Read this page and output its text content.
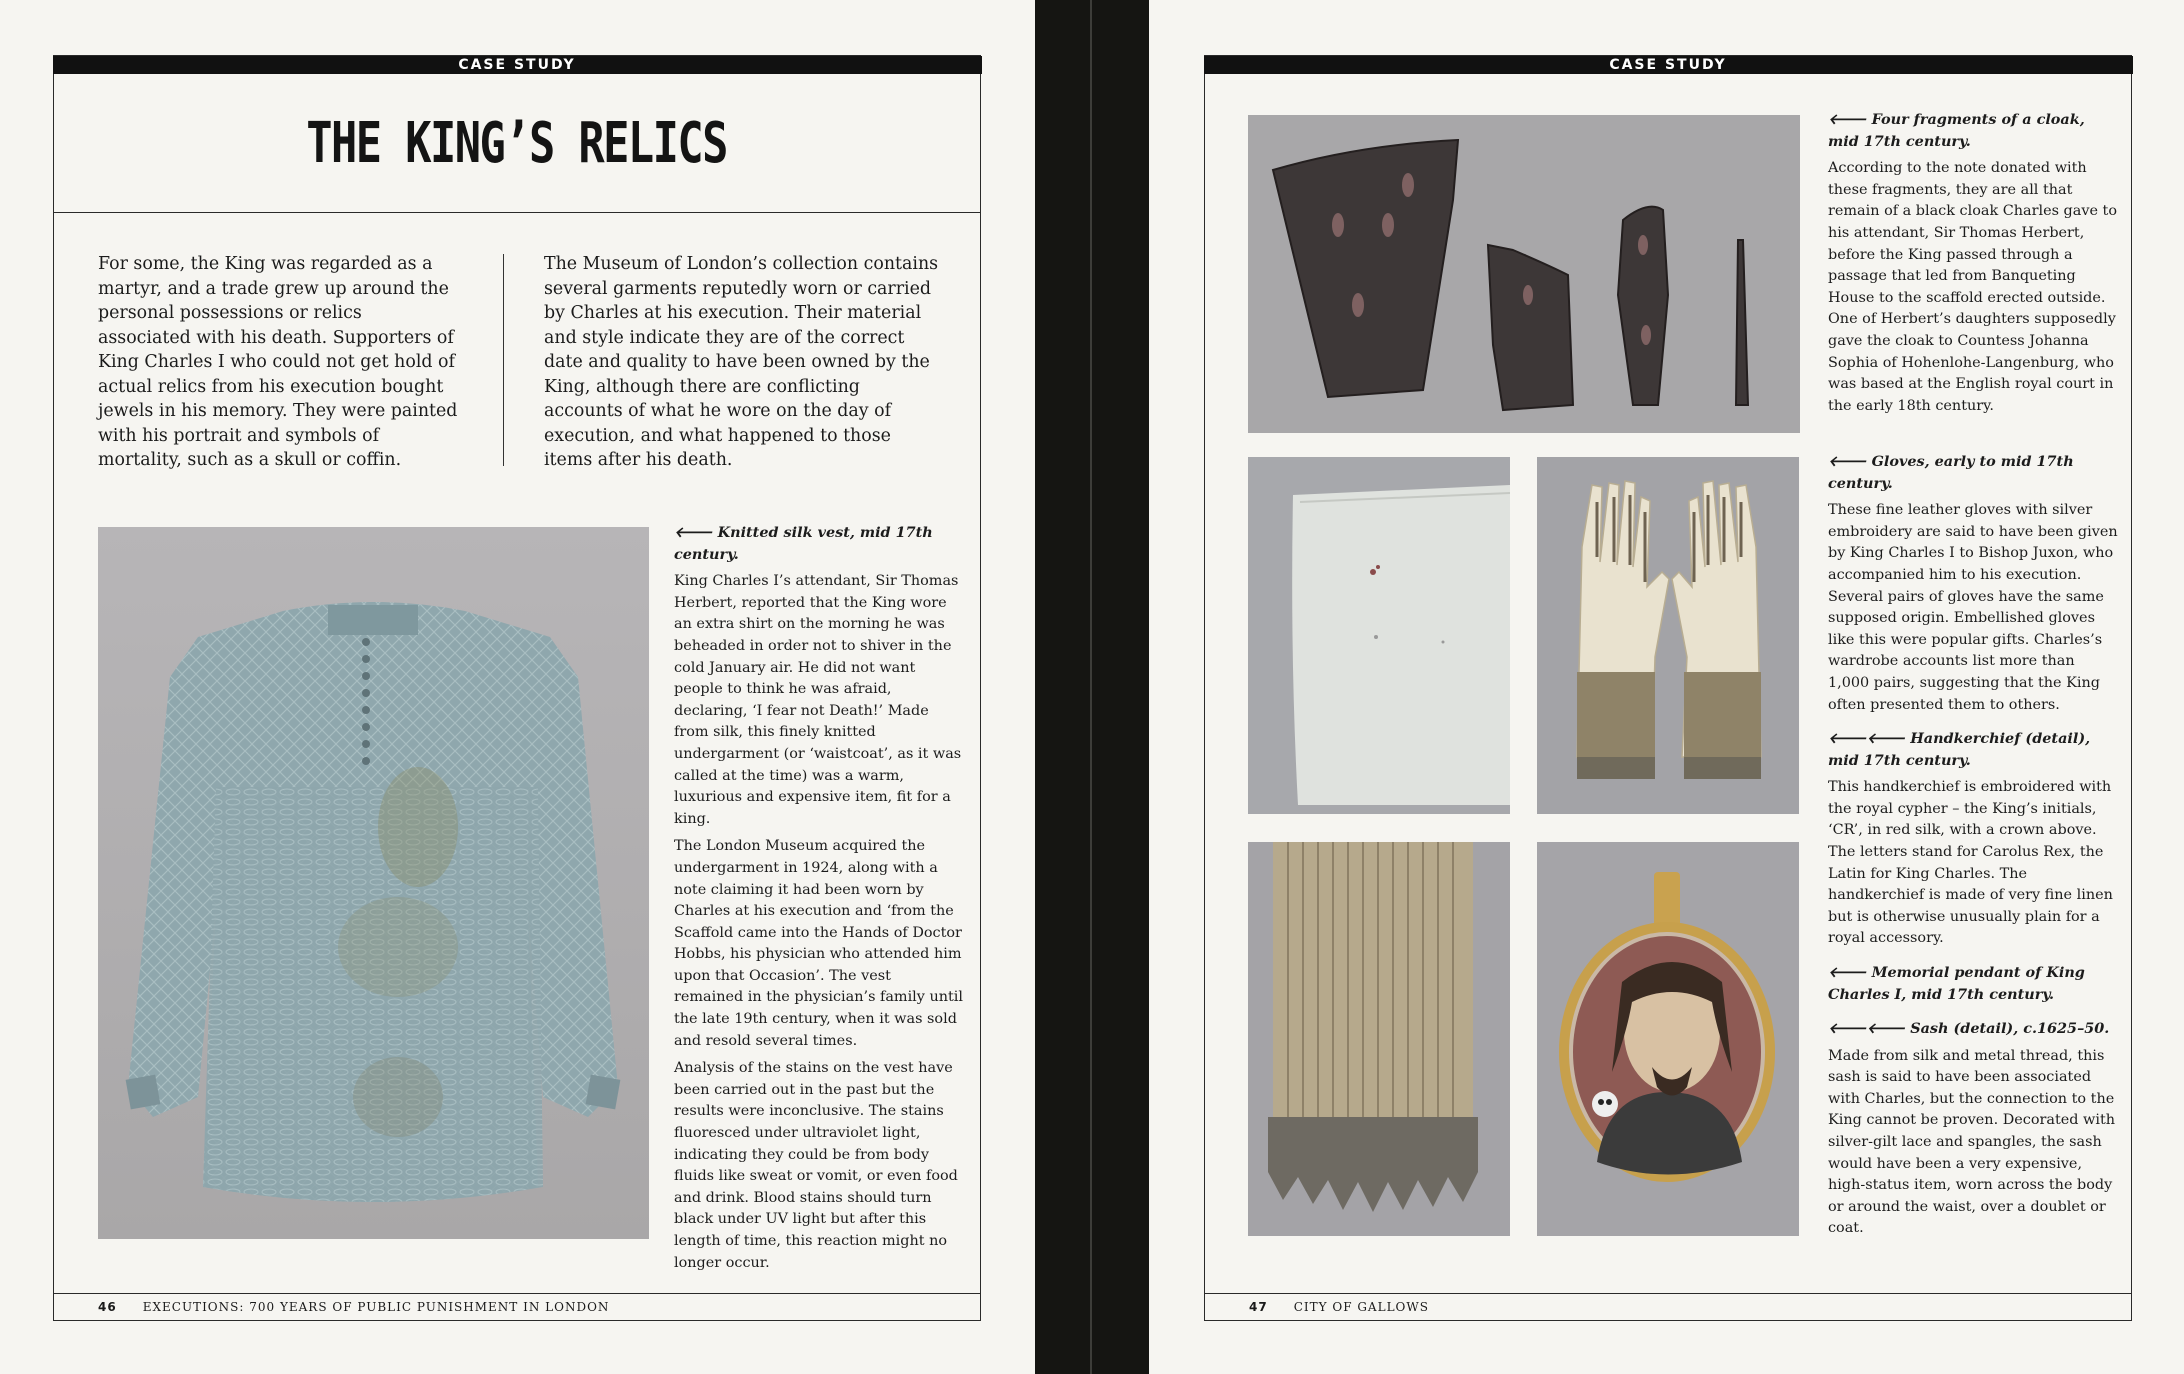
CASE STUDY
THE KING’S RELICS
For some, the King was regarded as a martyr, and a trade grew up around the personal possessions or relics associated with his death. Supporters of King Charles I who could not get hold of actual relics from his execution bought jewels in his memory. They were painted with his portrait and symbols of mortality, such as a skull or coffin.
The Museum of London’s collection contains several garments reputedly worn or carried by Charles at his execution. Their material and style indicate they are of the correct date and quality to have been owned by the King, although there are conflicting accounts of what he wore on the day of execution, and what happened to those items after his death.

🡐 Knitted silk vest, mid 17th century.

King Charles I’s attendant, Sir Thomas Herbert, reported that the King wore an extra shirt on the morning he was beheaded in order not to shiver in the cold January air. He did not want people to think he was afraid, declaring, ‘I fear not Death!’ Made from silk, this finely knitted undergarment (or ‘waistcoat’, as it was called at the time) was a warm, luxurious and expensive item, fit for a king.

The London Museum acquired the undergarment in 1924, along with a note claiming it had been worn by Charles at his execution and ‘from the Scaffold came into the Hands of Doctor Hobbs, his physician who attended him upon that Occasion’. The vest remained in the physician’s family until the late 19th century, when it was sold and resold several times.

Analysis of the stains on the vest have been carried out in the past but the results were inconclusive. The stains fluoresced under ultraviolet light, indicating they could be from body fluids like sweat or vomit, or even food and drink. Blood stains should turn black under UV light but after this length of time, this reaction might no longer occur.

46 EXECUTIONS: 700 YEARS OF PUBLIC PUNISHMENT IN LONDON
CASE STUDY

🡐 Four fragments of a cloak, mid 17th century.

According to the note donated with these fragments, they are all that remain of a black cloak Charles gave to his attendant, Sir Thomas Herbert, before the King passed through a passage that led from Banqueting House to the scaffold erected outside. One of Herbert’s daughters supposedly gave the cloak to Countess Johanna Sophia of Hohenlohe-Langenburg, who was based at the English royal court in the early 18th century.

🡐 Gloves, early to mid 17th century.

These fine leather gloves with silver embroidery are said to have been given by King Charles I to Bishop Juxon, who accompanied him to his execution. Several pairs of gloves have the same supposed origin. Embellished gloves like this were popular gifts. Charles’s wardrobe accounts list more than 1,000 pairs, suggesting that the King often presented them to others.

🡐🡐 Handkerchief (detail), mid 17th century.

This handkerchief is embroidered with the royal cypher – the King’s initials, ‘CR’, in red silk, with a crown above. The letters stand for Carolus Rex, the Latin for King Charles. The handkerchief is made of very fine linen but is otherwise unusually plain for a royal accessory.

🡐 Memorial pendant of King Charles I, mid 17th century.

🡐🡐 Sash (detail), c.1625–50.

Made from silk and metal thread, this sash is said to have been associated with Charles, but the connection to the King cannot be proven. Decorated with silver-gilt lace and spangles, the sash would have been a very expensive, high-status item, worn across the body or around the waist, over a doublet or coat.

47 CITY OF GALLOWS
